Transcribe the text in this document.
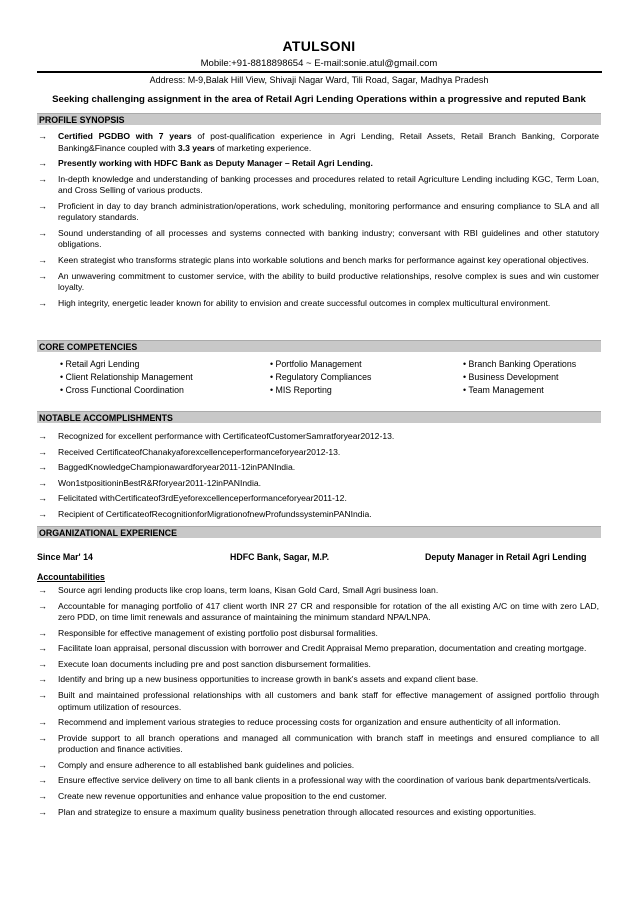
ATULSONI
Mobile:+91-8818898654 ~ E-mail:sonie.atul@gmail.com
Address: M-9,Balak Hill View, Shivaji Nagar Ward, Tili Road, Sagar, Madhya Pradesh
Seeking challenging assignment in the area of Retail Agri Lending Operations within a progressive and reputed Bank
PROFILE SYNOPSIS
→ Certified PGDBO with 7 years of post-qualification experience in Agri Lending, Retail Assets, Retail Branch Banking, Corporate Banking&Finance coupled with 3.3 years of marketing experience.
→ Presently working with HDFC Bank as Deputy Manager – Retail Agri Lending.
→ In-depth knowledge and understanding of banking processes and procedures related to retail Agriculture Lending including KGC, Term Loan, and Cross Selling of various products.
→ Proficient in day to day branch administration/operations, work scheduling, monitoring performance and ensuring compliance to SLA and all regulatory standards.
→ Sound understanding of all processes and systems connected with banking industry; conversant with RBI guidelines and other statutory obligations.
→ Keen strategist who transforms strategic plans into workable solutions and bench marks for performance against key operational objectives.
→ An unwavering commitment to customer service, with the ability to build productive relationships, resolve complex is sues and win customer loyalty.
→ High integrity, energetic leader known for ability to envision and create successful outcomes in complex multicultural environment.
CORE COMPETENCIES
• Retail Agri Lending
• Client Relationship Management
• Cross Functional Coordination
• Portfolio Management
• Regulatory Compliances
• MIS Reporting
• Branch Banking Operations
• Business Development
• Team Management
NOTABLE ACCOMPLISHMENTS
→ Recognized for excellent performance with CertificateofCustomerSamratforyear2012-13.
→ Received CertificateofChanakyaforexcellenceperformanceforyear2012-13.
→ BaggedKnowledgeChampionawardforyear2011-12inPANIndia.
→ Won1stpositioninBestR&Rforyear2011-12inPANIndia.
→ Felicitated withCertificateof3rdEyeforexcellenceperformanceforyear2011-12.
→ Recipient of CertificateofRecognitionforMigrationofnewProfundssysteminPANIndia.
ORGANIZATIONAL EXPERIENCE
Since Mar' 14	HDFC Bank, Sagar, M.P.	Deputy Manager in Retail Agri Lending
Accountabilities
→ Source agri lending products like crop loans, term loans, Kisan Gold Card, Small Agri business loan.
→ Accountable for managing portfolio of 417 client worth INR 27 CR and responsible for rotation of the all existing A/C on time with zero LAD, zero PDD, on time limit renewals and assurance of maintaining the minimum standard NPA/LNPA.
→ Responsible for effective management of existing portfolio post disbursal formalities.
→ Facilitate loan appraisal, personal discussion with borrower and Credit Appraisal Memo preparation, documentation and creating mortgage.
→ Execute loan documents including pre and post sanction disbursement formalities.
→ Identify and bring up a new business opportunities to increase growth in bank's assets and expand client base.
→ Built and maintained professional relationships with all customers and bank staff for effective management of assigned portfolio through optimum utilization of resources.
→ Recommend and implement various strategies to reduce processing costs for organization and ensure authenticity of all information.
→ Provide support to all branch operations and managed all communication with branch staff in meetings and ensured compliance to all production and finance activities.
→ Comply and ensure adherence to all established bank guidelines and policies.
→ Ensure effective service delivery on time to all bank clients in a professional way with the coordination of various bank departments/verticals.
→ Create new revenue opportunities and enhance value proposition to the end customer.
→ Plan and strategize to ensure a maximum quality business penetration through allocated resources and existing opportunities.
